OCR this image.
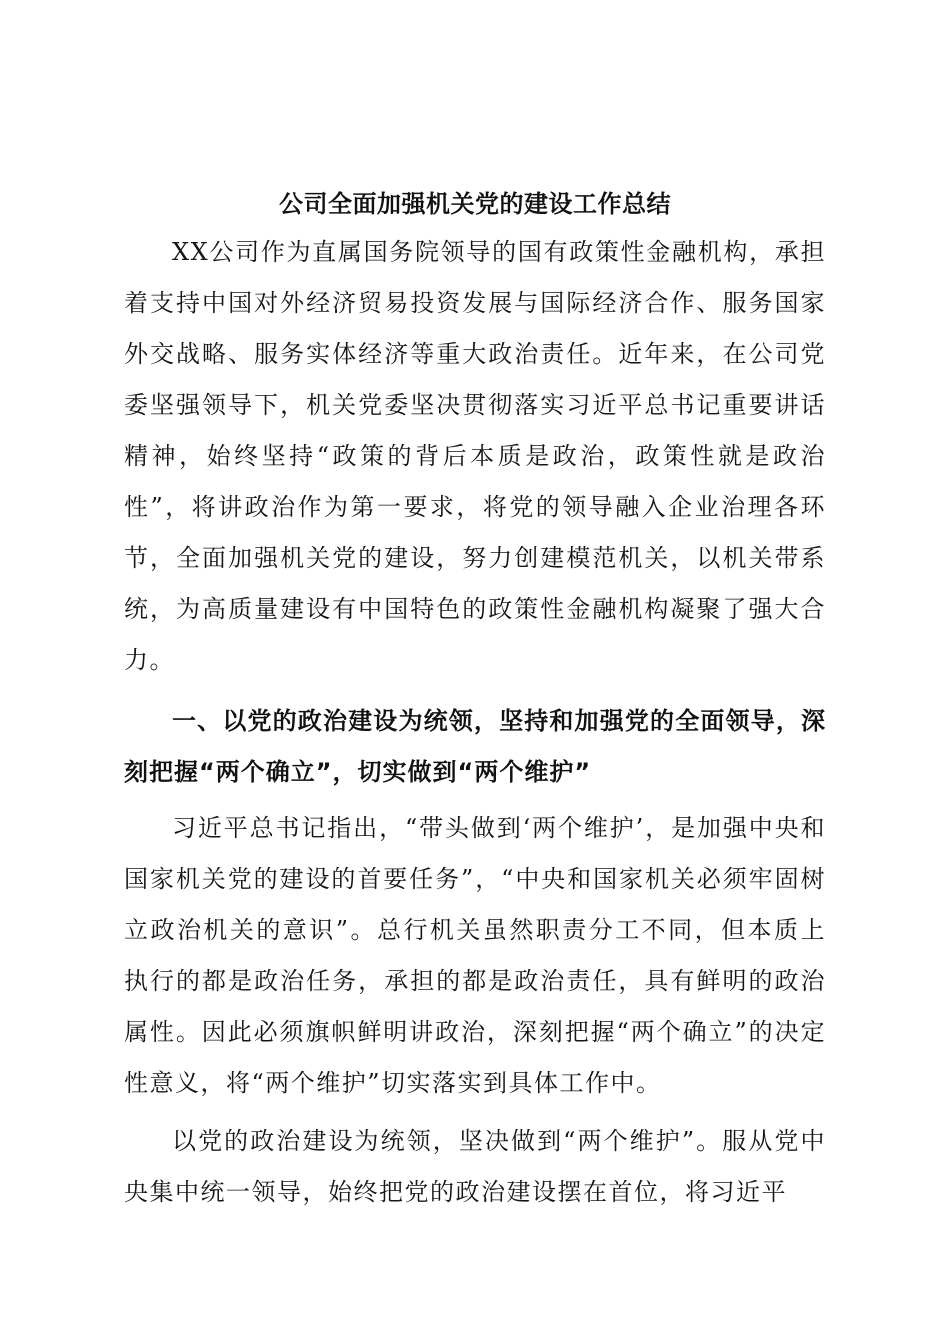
公司全面加强机关党的建设工作总结

XX公司作为直属国务院领导的国有政策性金融机构，承担着支持中国对外经济贸易投资发展与国际经济合作、服务国家外交战略、服务实体经济等重大政治责任。近年来，在公司党委坚强领导下，机关党委坚决贯彻落实习近平总书记重要讲话精神，始终坚持“政策的背后本质是政治，政策性就是政治性”，将讲政治作为第一要求，将党的领导融入企业治理各环节，全面加强机关党的建设，努力创建模范机关，以机关带系统，为高质量建设有中国特色的政策性金融机构凝聚了强大合力。

一、以党的政治建设为统领，坚持和加强党的全面领导，深刻把握“两个确立”，切实做到“两个维护”

习近平总书记指出，“带头做到‘两个维护’，是加强中央和国家机关党的建设的首要任务”，“中央和国家机关必须牢固树立政治机关的意识”。总行机关虽然职责分工不同，但本质上执行的都是政治任务，承担的都是政治责任，具有鲜明的政治属性。因此必须旗帜鲜明讲政治，深刻把握“两个确立”的决定性意义，将“两个维护”切实落实到具体工作中。

以党的政治建设为统领，坚决做到“两个维护”。服从党中央集中统一领导，始终把党的政治建设摆在首位，将习近平
